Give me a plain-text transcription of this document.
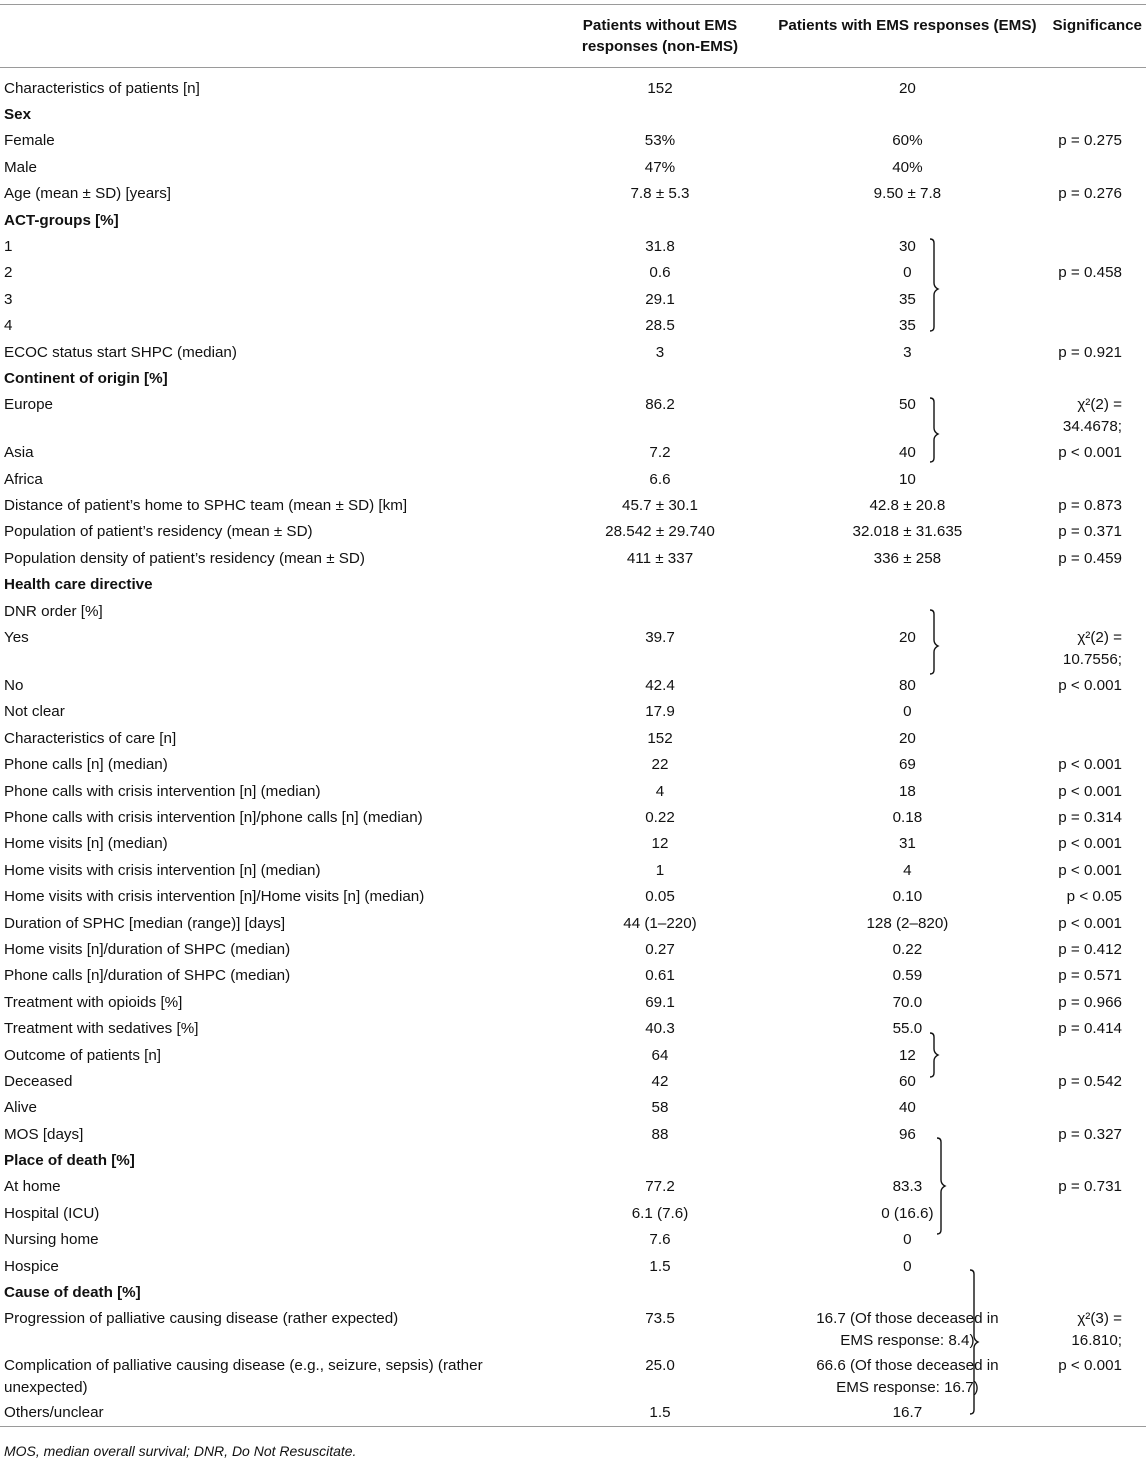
	Patients without EMS responses (non-EMS)	Patients with EMS responses (EMS)	Significance
Characteristics of patients [n]	152	20	
Sex			
Female	53%	60%	p = 0.275
Male	47%	40%	
Age (mean ± SD) [years]	7.8 ± 5.3	9.50 ± 7.8	p = 0.276
ACT-groups [%]			
1	31.8	30	
2	0.6	0	p = 0.458
3	29.1	35	
4	28.5	35	
ECOC status start SHPC (median)	3	3	p = 0.921
Continent of origin [%]			
Europe	86.2	50	χ²(2) = 34.4678;
Asia	7.2	40	p < 0.001
Africa	6.6	10	
Distance of patient’s home to SPHC team (mean ± SD) [km]	45.7 ± 30.1	42.8 ± 20.8	p = 0.873
Population of patient’s residency (mean ± SD)	28.542 ± 29.740	32.018 ± 31.635	p = 0.371
Population density of patient’s residency (mean ± SD)	411 ± 337	336 ± 258	p = 0.459
Health care directive			
DNR order [%]			
Yes	39.7	20	χ²(2) = 10.7556;
No	42.4	80	p < 0.001
Not clear	17.9	0	
Characteristics of care [n]	152	20	
Phone calls [n] (median)	22	69	p < 0.001
Phone calls with crisis intervention [n] (median)	4	18	p < 0.001
Phone calls with crisis intervention [n]/phone calls [n] (median)	0.22	0.18	p = 0.314
Home visits [n] (median)	12	31	p < 0.001
Home visits with crisis intervention [n] (median)	1	4	p < 0.001
Home visits with crisis intervention [n]/Home visits [n] (median)	0.05	0.10	p < 0.05
Duration of SPHC [median (range)] [days]	44 (1–220)	128 (2–820)	p < 0.001
Home visits [n]/duration of SHPC (median)	0.27	0.22	p = 0.412
Phone calls [n]/duration of SHPC (median)	0.61	0.59	p = 0.571
Treatment with opioids [%]	69.1	70.0	p = 0.966
Treatment with sedatives [%]	40.3	55.0	p = 0.414
Outcome of patients [n]	64	12	
Deceased	42	60	p = 0.542
Alive	58	40	
MOS [days]	88	96	p = 0.327
Place of death [%]			
At home	77.2	83.3	p = 0.731
Hospital (ICU)	6.1 (7.6)	0 (16.6)	
Nursing home	7.6	0	
Hospice	1.5	0	
Cause of death [%]			
Progression of palliative causing disease (rather expected)	73.5	16.7 (Of those deceased in EMS response: 8.4)	χ²(3) = 16.810;
Complication of palliative causing disease (e.g., seizure, sepsis) (rather unexpected)	25.0	66.6 (Of those deceased in EMS response: 16.7)	p < 0.001
Others/unclear	1.5	16.7	
MOS, median overall survival; DNR, Do Not Resuscitate.
